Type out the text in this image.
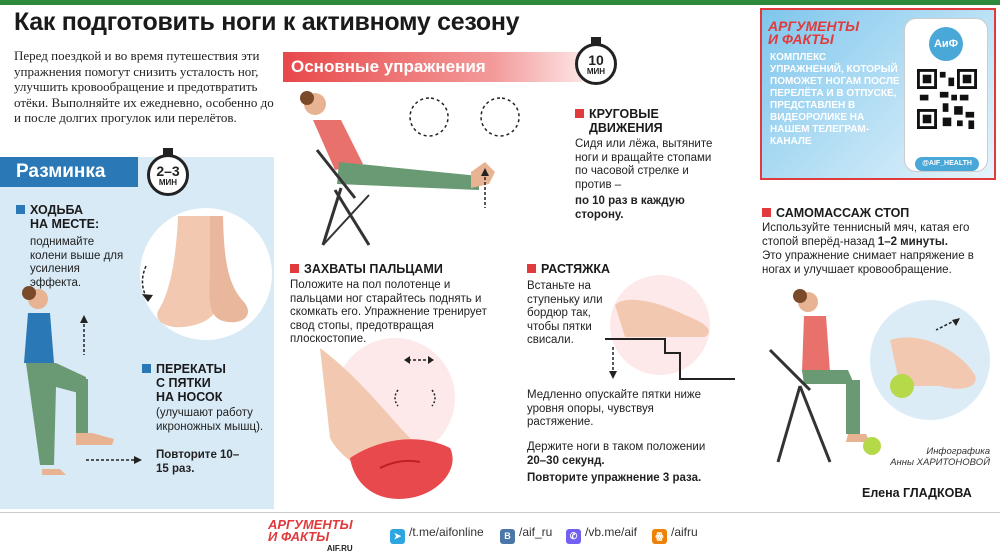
Как подготовить ноги к активному сезону
Перед поездкой и во время путешествия эти упражнения помогут снизить усталость ног, улучшить кровообращение и предотвратить отёки. Выполняйте их ежедневно, особенно до и после долгих прогулок или перелётов.
Разминка	2–3
МИН
ХОДЬБА
НА МЕСТЕ:
поднимайте колени выше для усиления эффекта.
ПЕРЕКАТЫ
С ПЯТКИ
НА НОСОК
(улучшают работу икроножных мышц).
Повторите 10–15 раз.
Основные упражнения	10
МИН
КРУГОВЫЕ
ДВИЖЕНИЯ
Сидя или лёжа, вытяните ноги и вращайте стопами по часовой стрелке и против –
по 10 раз в каждую сторону.
ЗАХВАТЫ ПАЛЬЦАМИ
Положите на пол полотенце и пальцами ног старайтесь поднять и скомкать его. Упражнение тренирует свод стопы, предотвращая плоскостопие.
РАСТЯЖКА
Встаньте на ступеньку или бордюр так, чтобы пятки свисали.
Медленно опускайте пятки ниже уровня опоры, чувствуя растяжение.
Держите ноги в таком положении
20–30 секунд.
Повторите упражнение 3 раза.
САМОМАССАЖ СТОП
Используйте теннисный мяч, катая его стопой вперёд-назад 1–2 минуты.
Это упражнение снимает напряжение в ногах и улучшает кровообращение.
АРГУМЕНТЫ
И ФАКТЫ
КОМПЛЕКС УПРАЖНЕНИЙ, КОТОРЫЙ ПОМОЖЕТ НОГАМ ПОСЛЕ ПЕРЕЛЁТА И В ОТПУСКЕ, ПРЕДСТАВЛЕН В ВИДЕОРОЛИКЕ НА НАШЕМ ТЕЛЕГРАМ-КАНАЛЕ
АиФ
@AIF_HEALTH
Инфографика
Анны ХАРИТОНОВОЙ
Елена ГЛАДКОВА
АРГУМЕНТЫ
И ФАКТЫ
AIF.RU
➤ /t.me/aifonline	B /aif_ru	✆ /vb.me/aif	ꙮ /aifru
